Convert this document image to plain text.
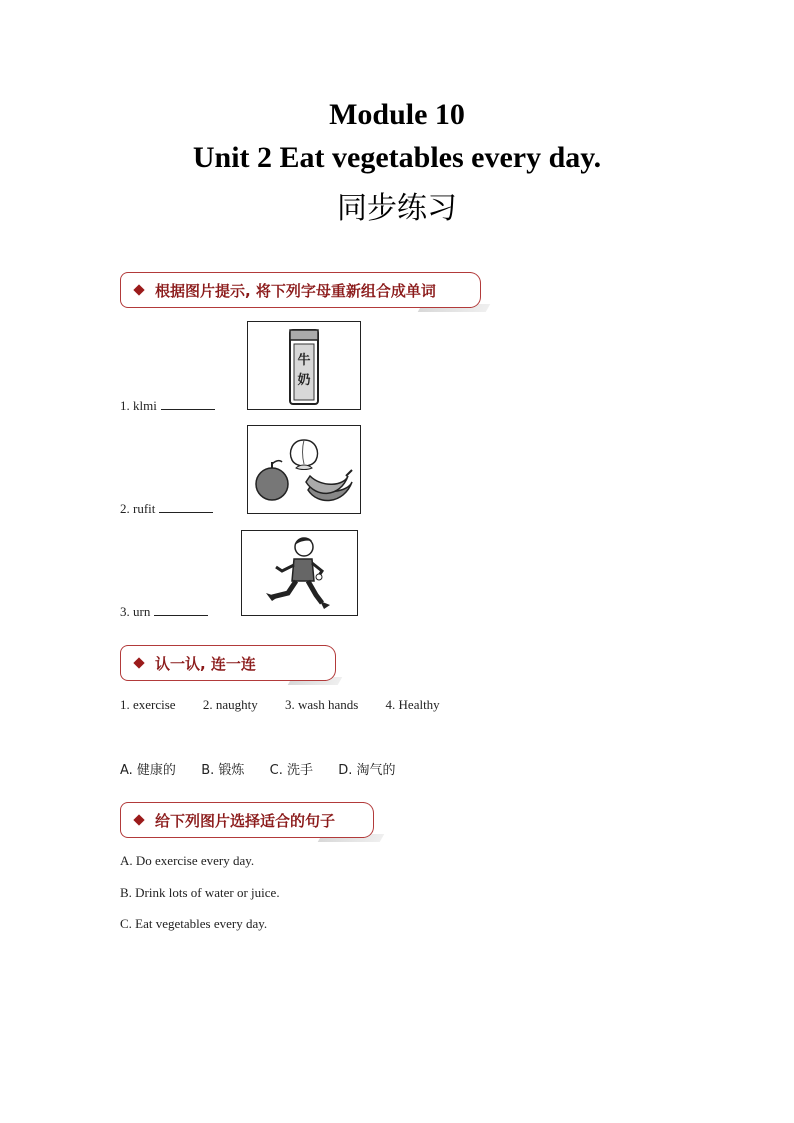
Module 10
Unit 2 Eat vegetables every day.
同步练习
根据图片提示, 将下列字母重新组合成单词
1. klmi
牛
奶
2. rufit
3. urn
认一认, 连一连
1. exercise 2. naughty 3. wash hands 4. Healthy
A. 健康的 B. 锻炼 C. 洗手 D. 淘气的
给下列图片选择适合的句子
A. Do exercise every day.
B. Drink lots of water or juice.
C. Eat vegetables every day.
